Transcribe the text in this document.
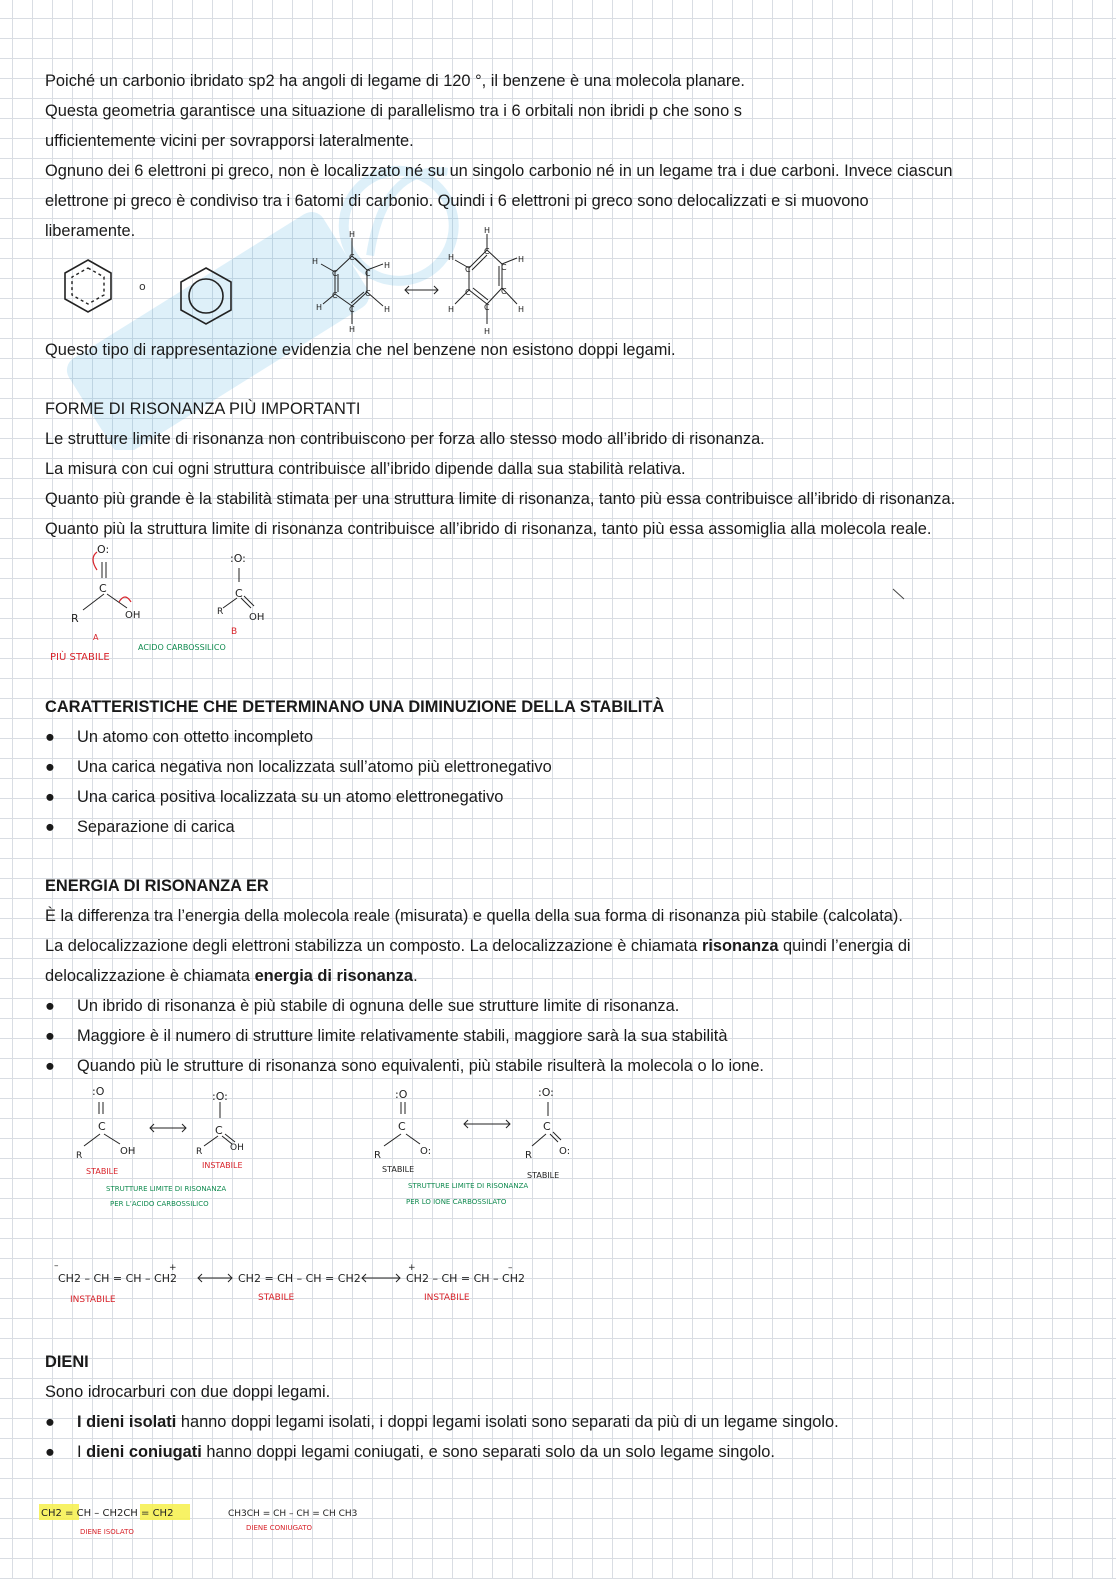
Poiché un carbonio ibridato sp2 ha angoli di legame di 120 °, il benzene è una molecola planare.
Questa geometria garantisce una situazione di parallelismo tra i 6 orbitali non ibridi p che sono s
ufficientemente vicini per sovrapporsi lateralmente.
Ognuno dei 6 elettroni pi greco, non è localizzato né su un singolo carbonio né in un legame tra i due carboni. Invece ciascun
elettrone pi greco è condiviso tra i 6atomi di carbonio. Quindi i 6 elettroni pi greco sono delocalizzati e si muovono
liberamente.
o
C
C
C
C
C
C
H
H
H
H
H
H
C
C
C
C
C
C
H
H
H
H
H
H
Questo tipo di rappresentazione evidenzia che nel benzene non esistono doppi legami.
FORME DI RISONANZA PIÙ IMPORTANTI
Le strutture limite di risonanza non contribuiscono per forza allo stesso modo all’ibrido di risonanza.
La misura con cui ogni struttura contribuisce all’ibrido dipende dalla sua stabilità relativa.
Quanto più grande è la stabilità stimata per una struttura limite di risonanza, tanto più essa contribuisce all’ibrido di risonanza.
Quanto più la struttura limite di risonanza contribuisce all’ibrido di risonanza, tanto più essa assomiglia alla molecola reale.
O:
C
R	OH
A
PIÙ STABILE
:O:
C
R	OH
B
ACIDO CARBOSSILICO
CARATTERISTICHE CHE DETERMINANO UNA DIMINUZIONE DELLA STABILITÀ
●	Un atomo con ottetto incompleto
●	Una carica negativa non localizzata sull’atomo più elettronegativo
●	Una carica positiva localizzata su un atomo elettronegativo
●	Separazione di carica
ENERGIA DI RISONANZA ER
È la differenza tra l’energia della molecola reale (misurata) e quella della sua forma di risonanza più stabile (calcolata).
La delocalizzazione degli elettroni stabilizza un composto. La delocalizzazione è chiamata risonanza quindi l’energia di
delocalizzazione è chiamata energia di risonanza.
●	Un ibrido di risonanza è più stabile di ognuna delle sue strutture limite di risonanza.
●	Maggiore è il numero di strutture limite relativamente stabili, maggiore sarà la sua stabilità
●	Quando più le strutture di risonanza sono equivalenti, più stabile risulterà la molecola o lo ione.
:O
C
R	OH
:O:
C
R	OH
:O
C
R	O:
:O:
C
R	O:
STABILE
INSTABILE
STRUTTURE LIMITE DI RISONANZA
PER L’ACIDO CARBOSSILICO
STABILE
STABILE
STRUTTURE LIMITE DI RISONANZA
PER LO IONE CARBOSSILATO
–
CH2 – CH = CH – CH2
+
CH2 = CH – CH = CH2
+
CH2 – CH = CH – CH2
–
INSTABILE	STABILE	INSTABILE
DIENI
Sono idrocarburi con due doppi legami.
●	I dieni isolati hanno doppi legami isolati, i doppi legami isolati sono separati da più di un legame singolo.
●	I dieni coniugati hanno doppi legami coniugati, e sono separati solo da un solo legame singolo.
CH2 = CH – CH2CH = CH2
DIENE ISOLATO
CH3CH = CH – CH = CH CH3
DIENE CONIUGATO
